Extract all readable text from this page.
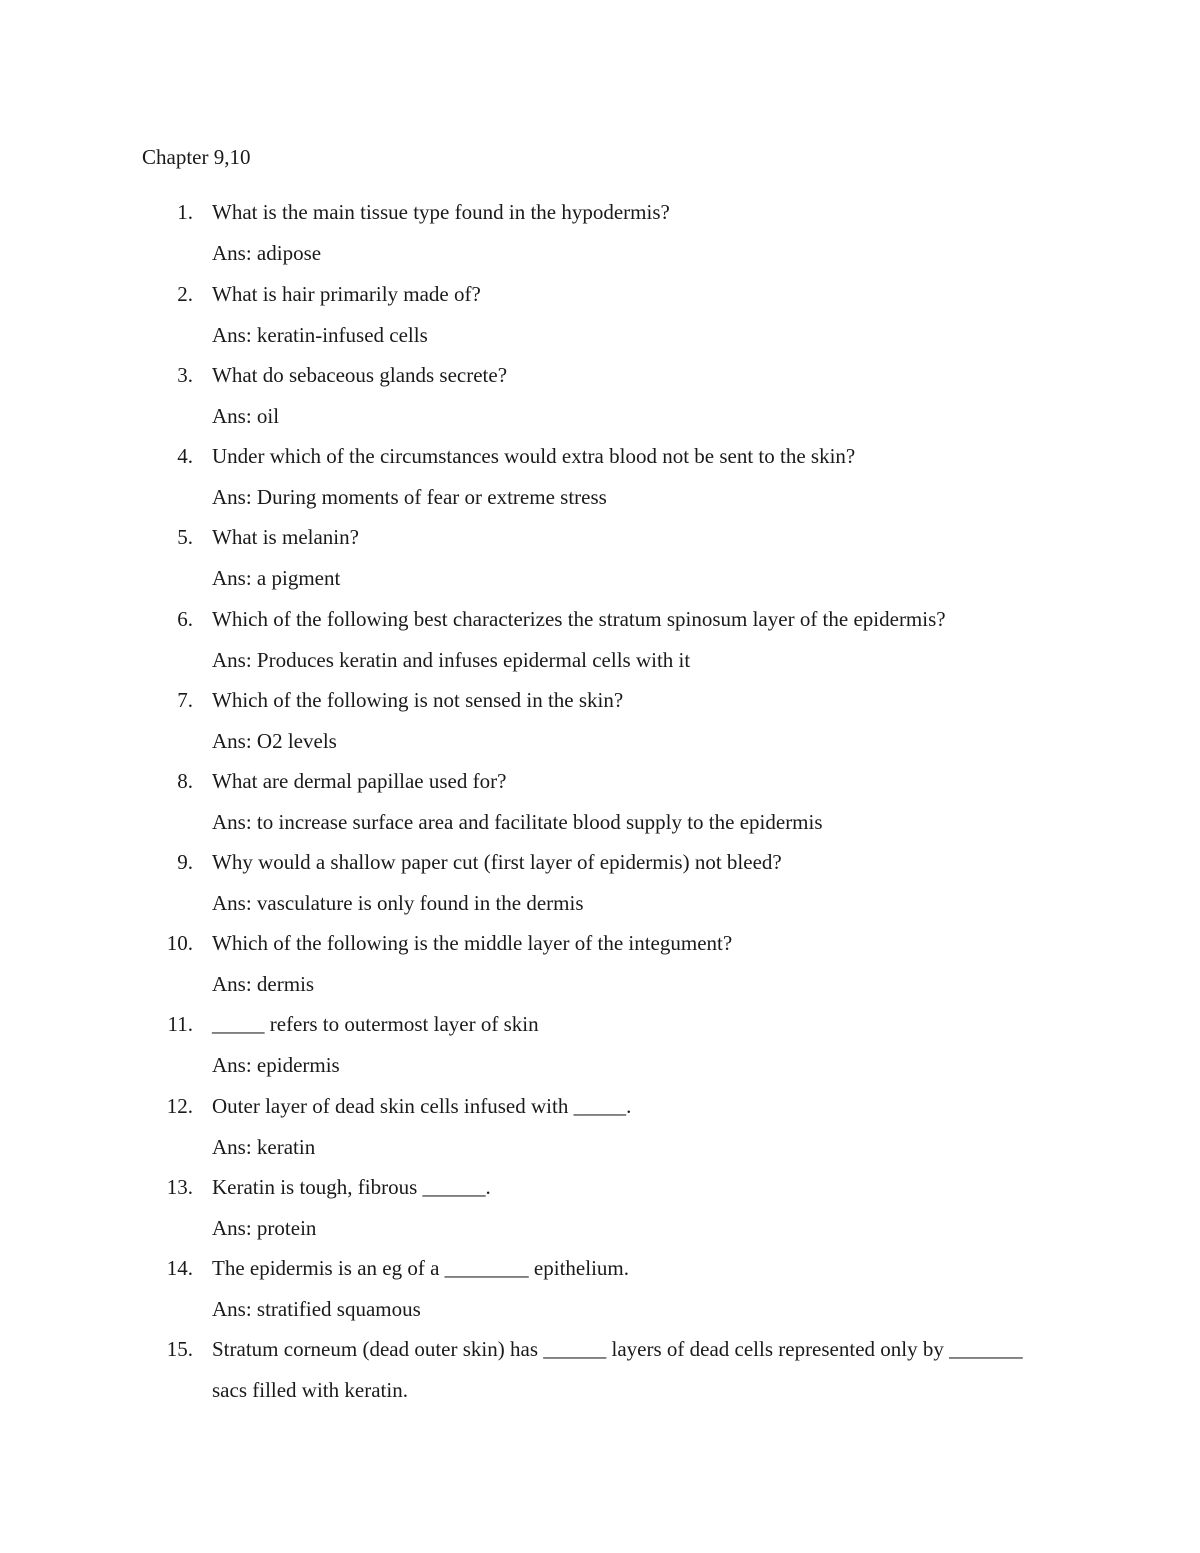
Chapter 9,10
1. What is the main tissue type found in the hypodermis?
Ans: adipose
2. What is hair primarily made of?
Ans: keratin-infused cells
3. What do sebaceous glands secrete?
Ans: oil
4. Under which of the circumstances would extra blood not be sent to the skin?
Ans: During moments of fear or extreme stress
5. What is melanin?
Ans: a pigment
6. Which of the following best characterizes the stratum spinosum layer of the epidermis?
Ans: Produces keratin and infuses epidermal cells with it
7. Which of the following is not sensed in the skin?
Ans: O2 levels
8. What are dermal papillae used for?
Ans: to increase surface area and facilitate blood supply to the epidermis
9. Why would a shallow paper cut (first layer of epidermis) not bleed?
Ans: vasculature is only found in the dermis
10. Which of the following is the middle layer of the integument?
Ans: dermis
11. _____ refers to outermost layer of skin
Ans: epidermis
12. Outer layer of dead skin cells infused with _____.
Ans: keratin
13. Keratin is tough, fibrous ______.
Ans: protein
14. The epidermis is an eg of a ________ epithelium.
Ans: stratified squamous
15. Stratum corneum (dead outer skin) has ______ layers of dead cells represented only by _______ sacs filled with keratin.
